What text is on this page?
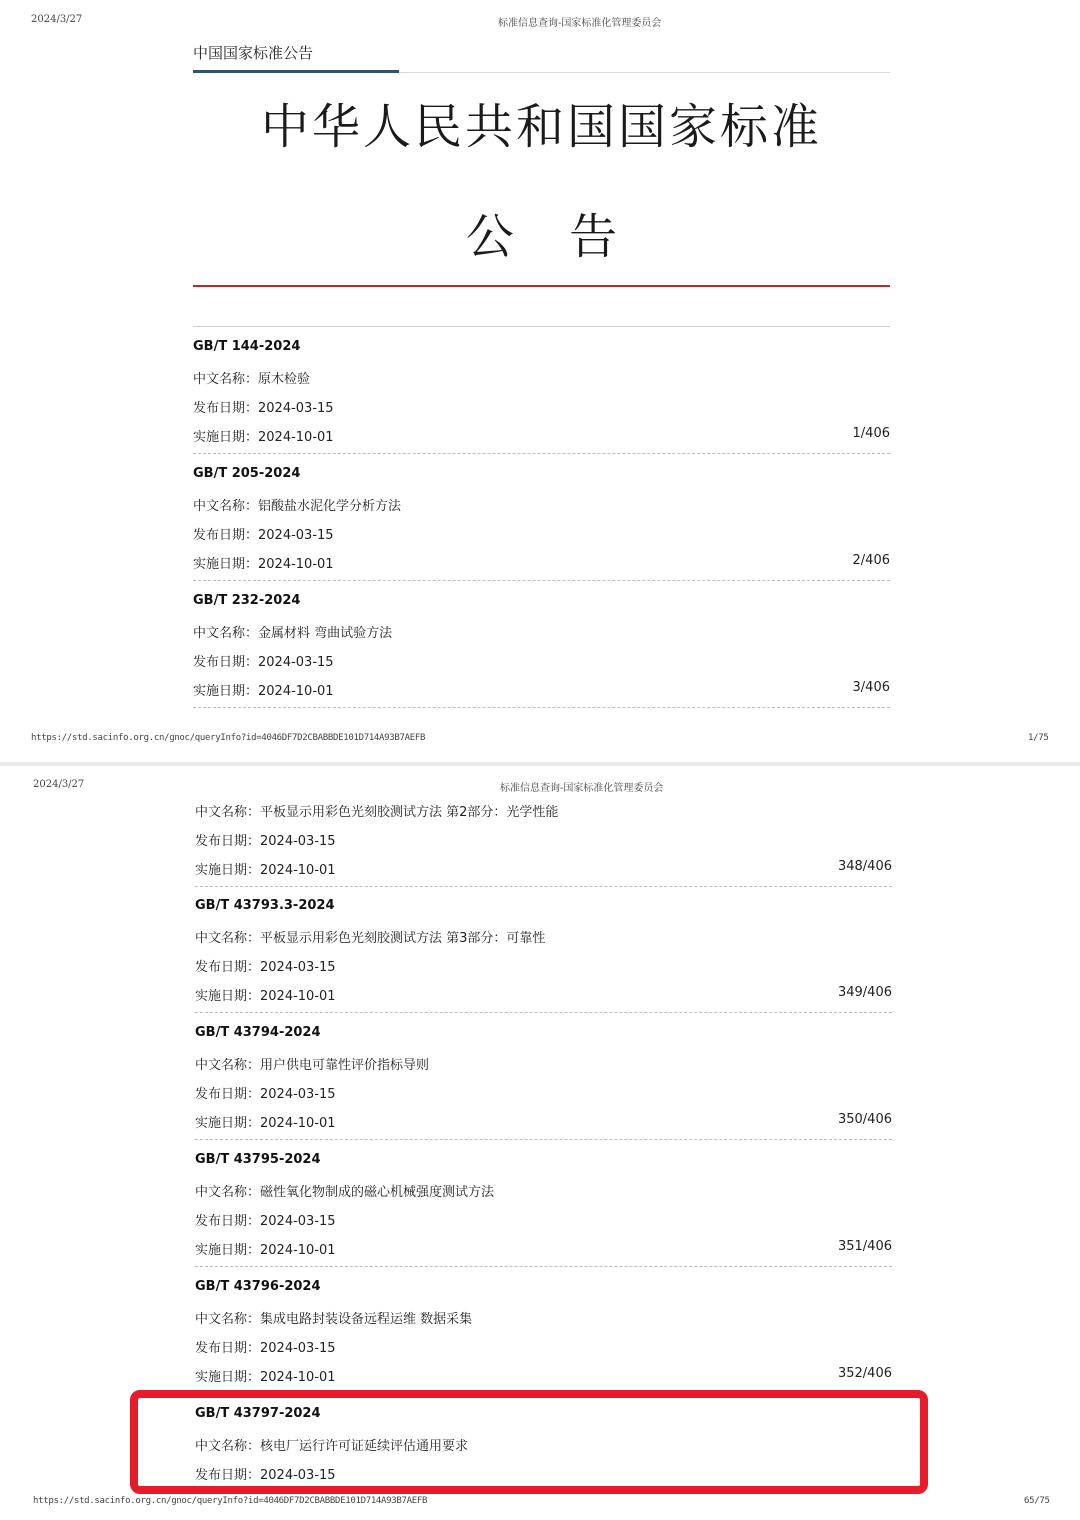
2024/3/27	标准信息查询-国家标准化管理委员会
中国国家标准公告
中华人民共和国国家标准
公 告
GB/T 144-2024
中文名称：原木检验
发布日期：2024-03-15
实施日期：2024-10-01	1/406
GB/T 205-2024
中文名称：铝酸盐水泥化学分析方法
发布日期：2024-03-15
实施日期：2024-10-01	2/406
GB/T 232-2024
中文名称：金属材料 弯曲试验方法
发布日期：2024-03-15
实施日期：2024-10-01	3/406
https://std.sacinfo.org.cn/gnoc/queryInfo?id=4046DF7D2CBABBDE101D714A93B7AEFB	1/75
2024/3/27	标准信息查询-国家标准化管理委员会
中文名称：平板显示用彩色光刻胶测试方法 第2部分：光学性能
发布日期：2024-03-15
实施日期：2024-10-01	348/406
GB/T 43793.3-2024
中文名称：平板显示用彩色光刻胶测试方法 第3部分：可靠性
发布日期：2024-03-15
实施日期：2024-10-01	349/406
GB/T 43794-2024
中文名称：用户供电可靠性评价指标导则
发布日期：2024-03-15
实施日期：2024-10-01	350/406
GB/T 43795-2024
中文名称：磁性氧化物制成的磁心机械强度测试方法
发布日期：2024-03-15
实施日期：2024-10-01	351/406
GB/T 43796-2024
中文名称：集成电路封装设备远程运维 数据采集
发布日期：2024-03-15
实施日期：2024-10-01	352/406
GB/T 43797-2024
中文名称：核电厂运行许可证延续评估通用要求
发布日期：2024-03-15
https://std.sacinfo.org.cn/gnoc/queryInfo?id=4046DF7D2CBABBDE101D714A93B7AEFB	65/75
